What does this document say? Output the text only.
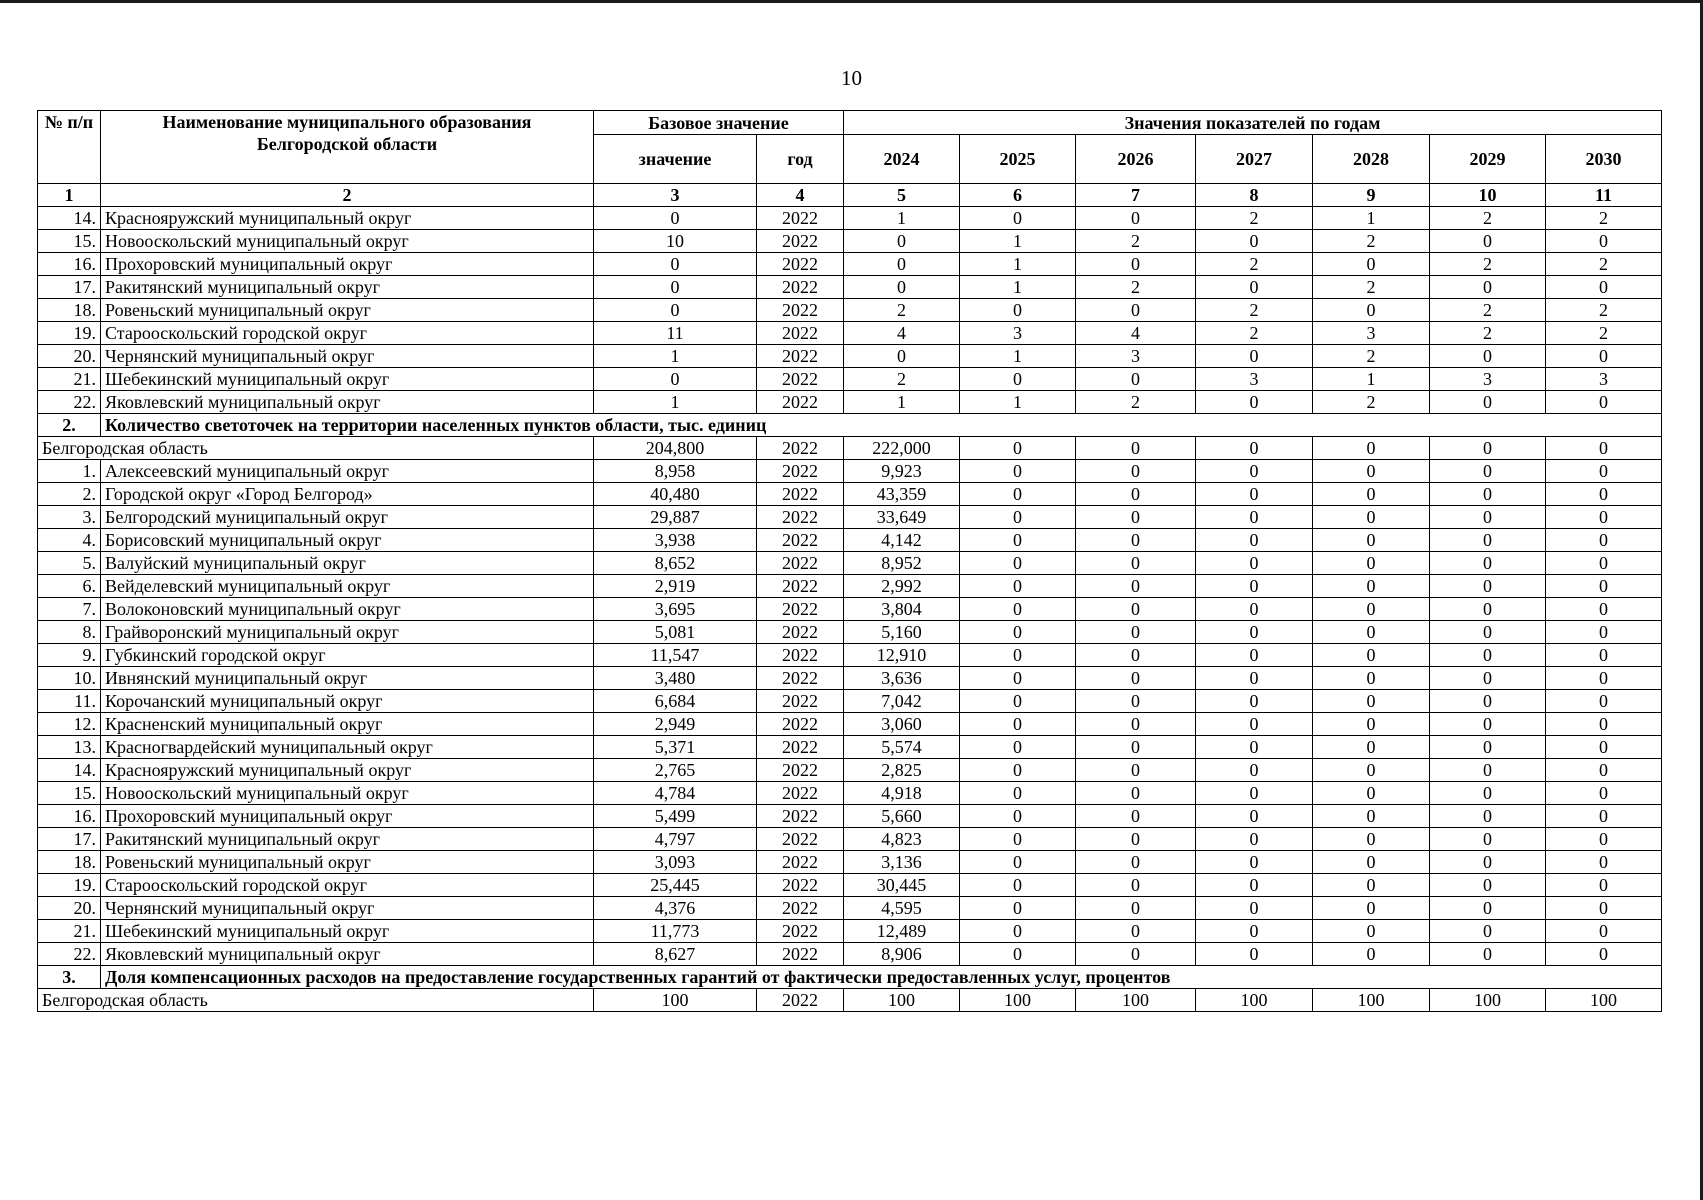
10
№ п/п	Наименование муниципального образования Белгородской области	Базовое значение		Значения показателей по годам						
		значение	год	2024	2025	2026	2027	2028	2029	2030
1	2	3	4	5	6	7	8	9	10	11
14.	Краснояружский муниципальный округ	0	2022	1	0	0	2	1	2	2
15.	Новооскольский муниципальный округ	10	2022	0	1	2	0	2	0	0
16.	Прохоровский муниципальный округ	0	2022	0	1	0	2	0	2	2
17.	Ракитянский муниципальный округ	0	2022	0	1	2	0	2	0	0
18.	Ровеньский муниципальный округ	0	2022	2	0	0	2	0	2	2
19.	Старооскольский городской округ	11	2022	4	3	4	2	3	2	2
20.	Чернянский муниципальный округ	1	2022	0	1	3	0	2	0	0
21.	Шебекинский муниципальный округ	0	2022	2	0	0	3	1	3	3
22.	Яковлевский муниципальный округ	1	2022	1	1	2	0	2	0	0
2.	Количество светоточек на территории населенных пунктов области, тыс. единиц									
Белгородская область		204,800	2022	222,000	0	0	0	0	0	0
1.	Алексеевский муниципальный округ	8,958	2022	9,923	0	0	0	0	0	0
2.	Городской округ «Город Белгород»	40,480	2022	43,359	0	0	0	0	0	0
3.	Белгородский муниципальный округ	29,887	2022	33,649	0	0	0	0	0	0
4.	Борисовский муниципальный округ	3,938	2022	4,142	0	0	0	0	0	0
5.	Валуйский муниципальный округ	8,652	2022	8,952	0	0	0	0	0	0
6.	Вейделевский муниципальный округ	2,919	2022	2,992	0	0	0	0	0	0
7.	Волоконовский муниципальный округ	3,695	2022	3,804	0	0	0	0	0	0
8.	Грайворонский муниципальный округ	5,081	2022	5,160	0	0	0	0	0	0
9.	Губкинский городской округ	11,547	2022	12,910	0	0	0	0	0	0
10.	Ивнянский муниципальный округ	3,480	2022	3,636	0	0	0	0	0	0
11.	Корочанский муниципальный округ	6,684	2022	7,042	0	0	0	0	0	0
12.	Красненский муниципальный округ	2,949	2022	3,060	0	0	0	0	0	0
13.	Красногвардейский муниципальный округ	5,371	2022	5,574	0	0	0	0	0	0
14.	Краснояружский муниципальный округ	2,765	2022	2,825	0	0	0	0	0	0
15.	Новооскольский муниципальный округ	4,784	2022	4,918	0	0	0	0	0	0
16.	Прохоровский муниципальный округ	5,499	2022	5,660	0	0	0	0	0	0
17.	Ракитянский муниципальный округ	4,797	2022	4,823	0	0	0	0	0	0
18.	Ровеньский муниципальный округ	3,093	2022	3,136	0	0	0	0	0	0
19.	Старооскольский городской округ	25,445	2022	30,445	0	0	0	0	0	0
20.	Чернянский муниципальный округ	4,376	2022	4,595	0	0	0	0	0	0
21.	Шебекинский муниципальный округ	11,773	2022	12,489	0	0	0	0	0	0
22.	Яковлевский муниципальный округ	8,627	2022	8,906	0	0	0	0	0	0
3.	Доля компенсационных расходов на предоставление государственных гарантий от фактически предоставленных услуг, процентов									
Белгородская область		100	2022	100	100	100	100	100	100	100
